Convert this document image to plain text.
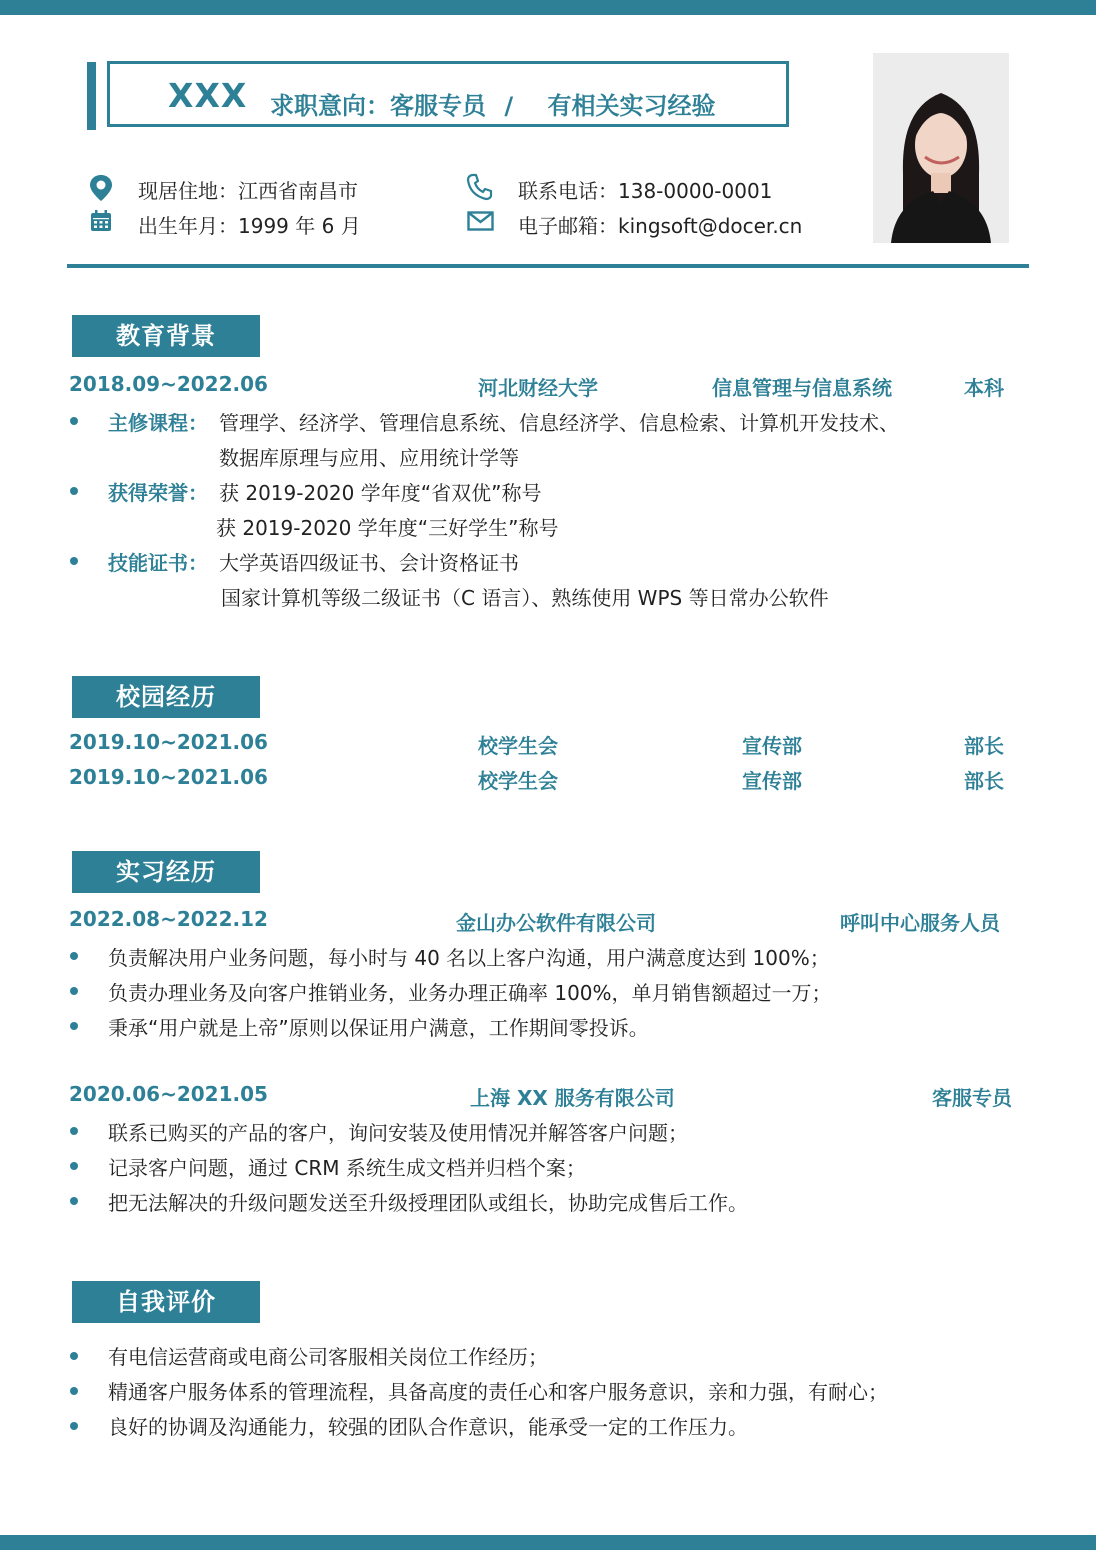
XXX 求职意向：客服专员 / 有相关实习经验
现居住地：江西省南昌市
出生年月：1999 年 6 月
联系电话：138-0000-0001
电子邮箱：kingsoft@docer.cn
教育背景
2018.09~2022.06	河北财经大学	信息管理与信息系统	本科
主修课程： 管理学、经济学、管理信息系统、信息经济学、信息检索、计算机开发技术、
数据库原理与应用、应用统计学等
获得荣誉： 获 2019-2020 学年度“省双优”称号
获 2019-2020 学年度“三好学生”称号
技能证书： 大学英语四级证书、会计资格证书
国家计算机等级二级证书（C 语言）、熟练使用 WPS 等日常办公软件
校园经历
2019.10~2021.06	校学生会	宣传部	部长
2019.10~2021.06	校学生会	宣传部	部长
实习经历
2022.08~2022.12	金山办公软件有限公司	呼叫中心服务人员
负责解决用户业务问题，每小时与 40 名以上客户沟通，用户满意度达到 100%；
负责办理业务及向客户推销业务，业务办理正确率 100%，单月销售额超过一万；
秉承“用户就是上帝”原则以保证用户满意，工作期间零投诉。
2020.06~2021.05	上海 XX 服务有限公司	客服专员
联系已购买的产品的客户，询问安装及使用情况并解答客户问题；
记录客户问题，通过 CRM 系统生成文档并归档个案；
把无法解决的升级问题发送至升级授理团队或组长，协助完成售后工作。
自我评价
有电信运营商或电商公司客服相关岗位工作经历；
精通客户服务体系的管理流程，具备高度的责任心和客户服务意识，亲和力强，有耐心；
良好的协调及沟通能力，较强的团队合作意识，能承受一定的工作压力。
